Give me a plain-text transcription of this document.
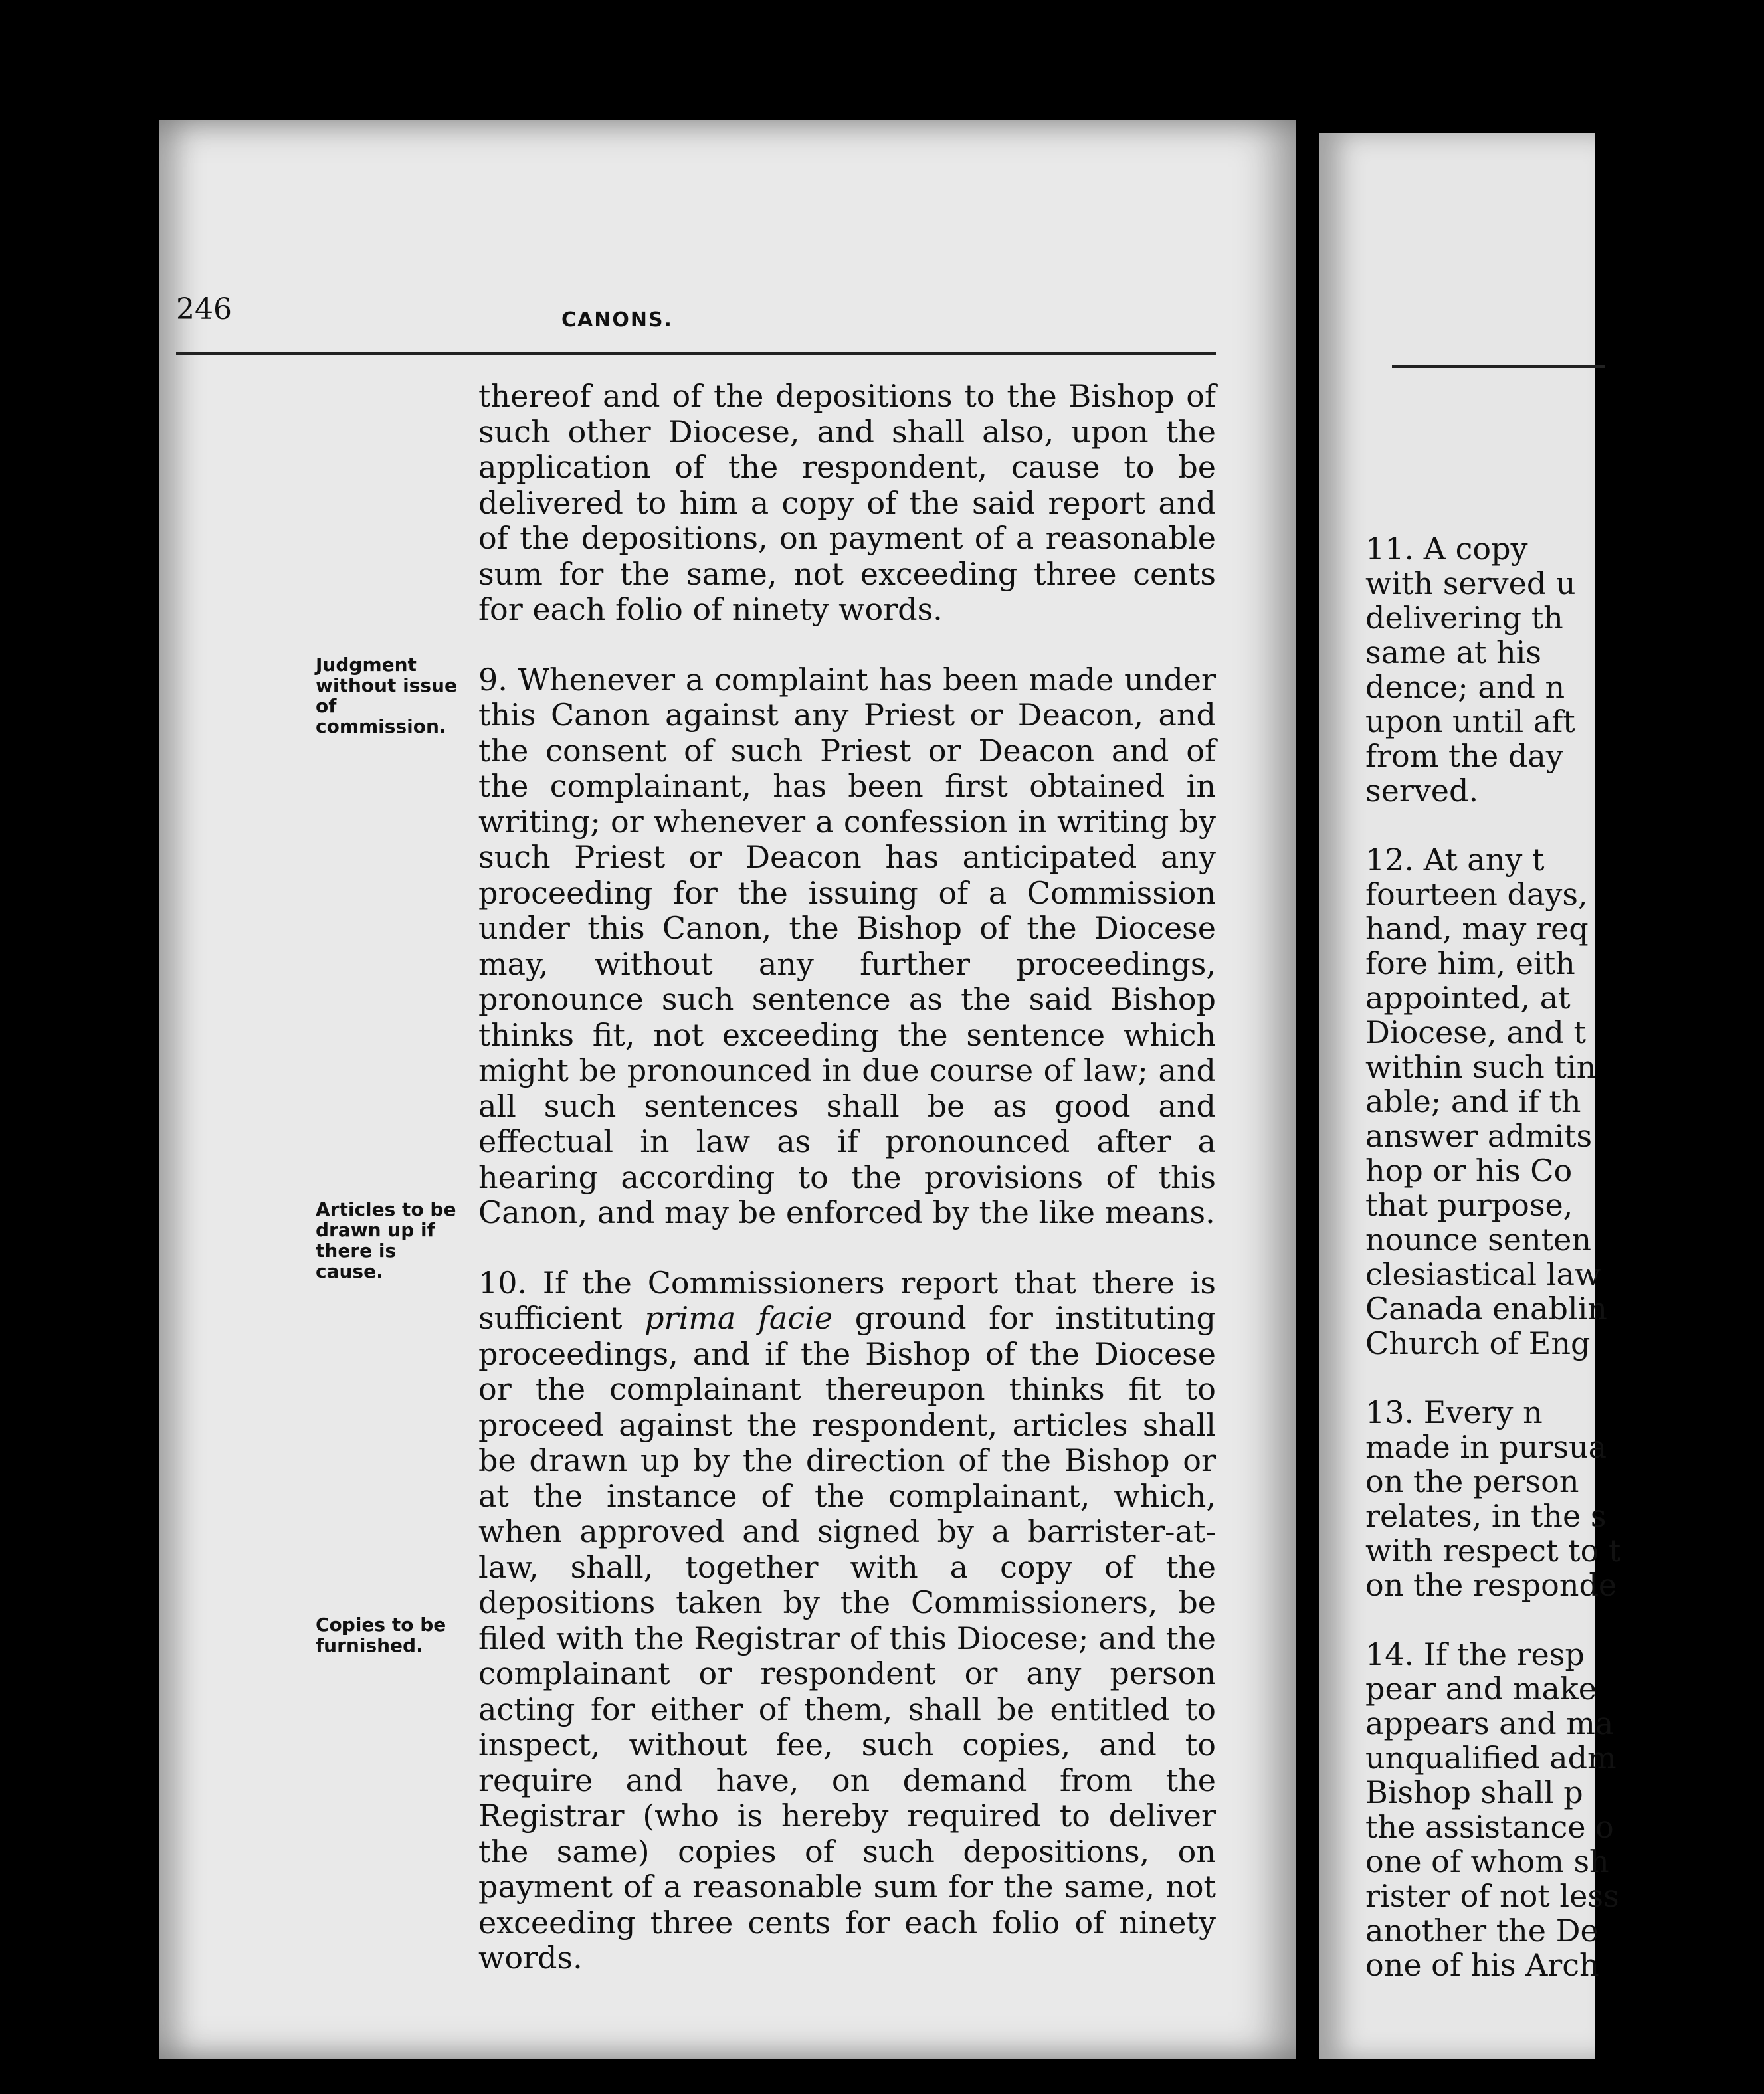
11. A copy
with served u
delivering th
same at his
dence; and n
upon until aft
from the day
served.
12. At any t
fourteen days,
hand, may req
fore him, eith
appointed, at
Diocese, and t
within such tin
able; and if th
answer admits
hop or his Co
that purpose,
nounce senten
clesiastical law
Canada enablin
Church of Eng
13. Every n
made in pursua
on the person
relates, in the s
with respect to t
on the responde
14. If the resp
pear and make
appears and ma
unqualified adm
Bishop shall p
the assistance o
one of whom sh
rister of not less
another the De
one of his Arch
246	CANONS.

thereof and of the depositions to the Bishop of such other Diocese, and shall also, upon the application of the respondent, cause to be delivered to him a copy of the said report and of the depositions, on payment of a reasonable sum for the same, not exceeding three cents for each folio of ninety words.

9. Whenever a complaint has been made under this Canon against any Priest or Deacon, and the consent of such Priest or Deacon and of the complainant, has been first obtained in writing; or whenever a confession in writing by such Priest or Deacon has anticipated any proceeding for the issuing of a Commission under this Canon, the Bishop of the Diocese may, without any further proceedings, pronounce such sentence as the said Bishop thinks fit, not exceeding the sentence which might be pronounced in due course of law; and all such sentences shall be as good and effectual in law as if pronounced after a hearing according to the provisions of this Canon, and may be enforced by the like means.

10. If the Commissioners report that there is sufficient prima facie ground for instituting proceedings, and if the Bishop of the Diocese or the complainant thereupon thinks fit to proceed against the respondent, articles shall be drawn up by the direction of the Bishop or at the instance of the complainant, which, when approved and signed by a barrister-at-law, shall, together with a copy of the depositions taken by the Commissioners, be filed with the Registrar of this Diocese; and the complainant or respondent or any person acting for either of them, shall be entitled to inspect, without fee, such copies, and to require and have, on demand from the Registrar (who is hereby required to deliver the same) copies of such depositions, on payment of a reasonable sum for the same, not exceeding three cents for each folio of ninety words.

Judgment without issue of commission.
Articles to be drawn up if there is cause.
Copies to be furnished.
